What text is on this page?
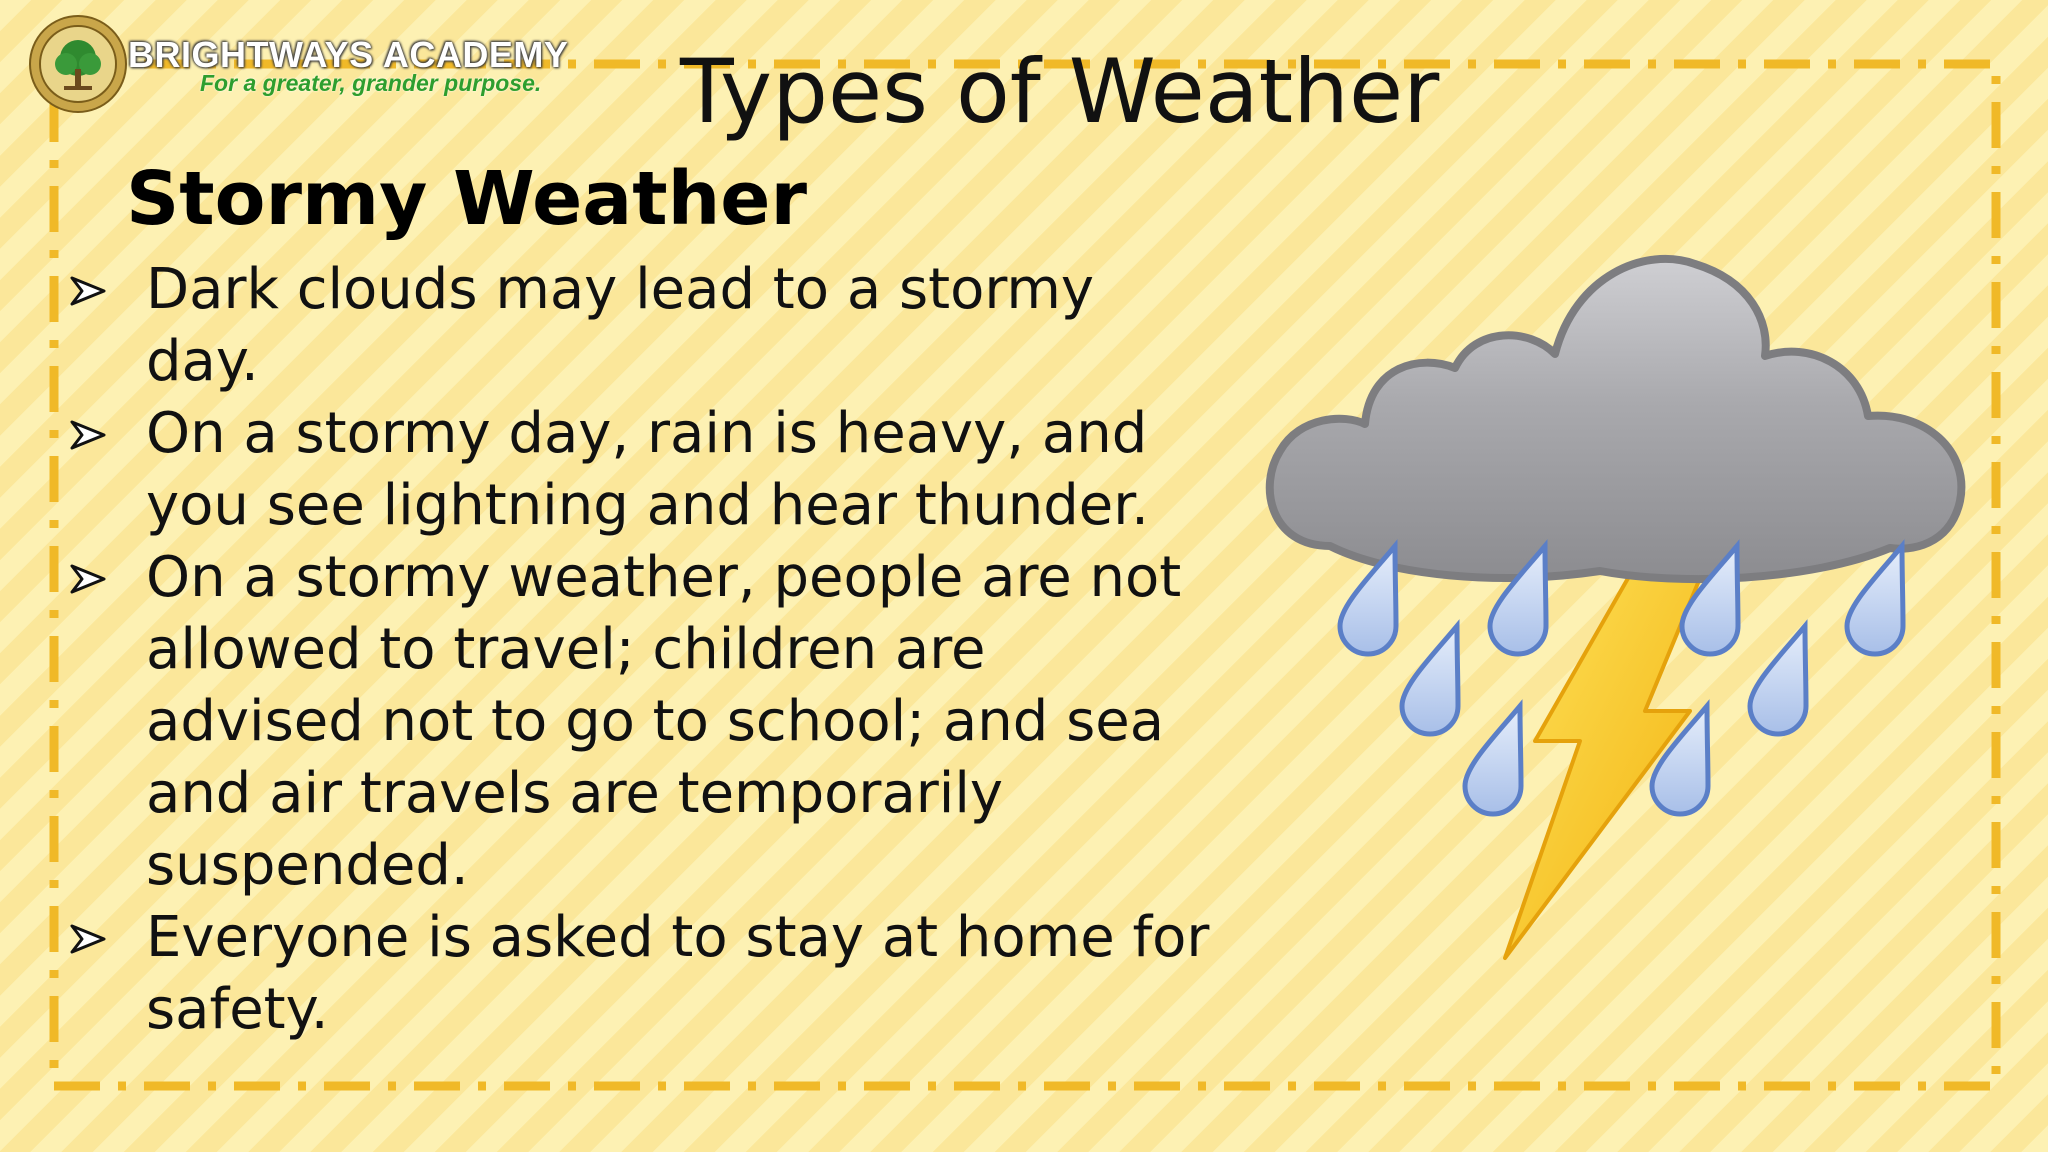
BRIGHTWAYS ACADEMY
For a greater, grander purpose. Types of Weather
Stormy Weather
Dark clouds may lead to a stormy day.
On a stormy day, rain is heavy, and you see lightning and hear thunder.
On a stormy weather, people are not allowed to travel; children are advised not to go to school; and sea and air travels are temporarily suspended.
Everyone is asked to stay at home for safety.
